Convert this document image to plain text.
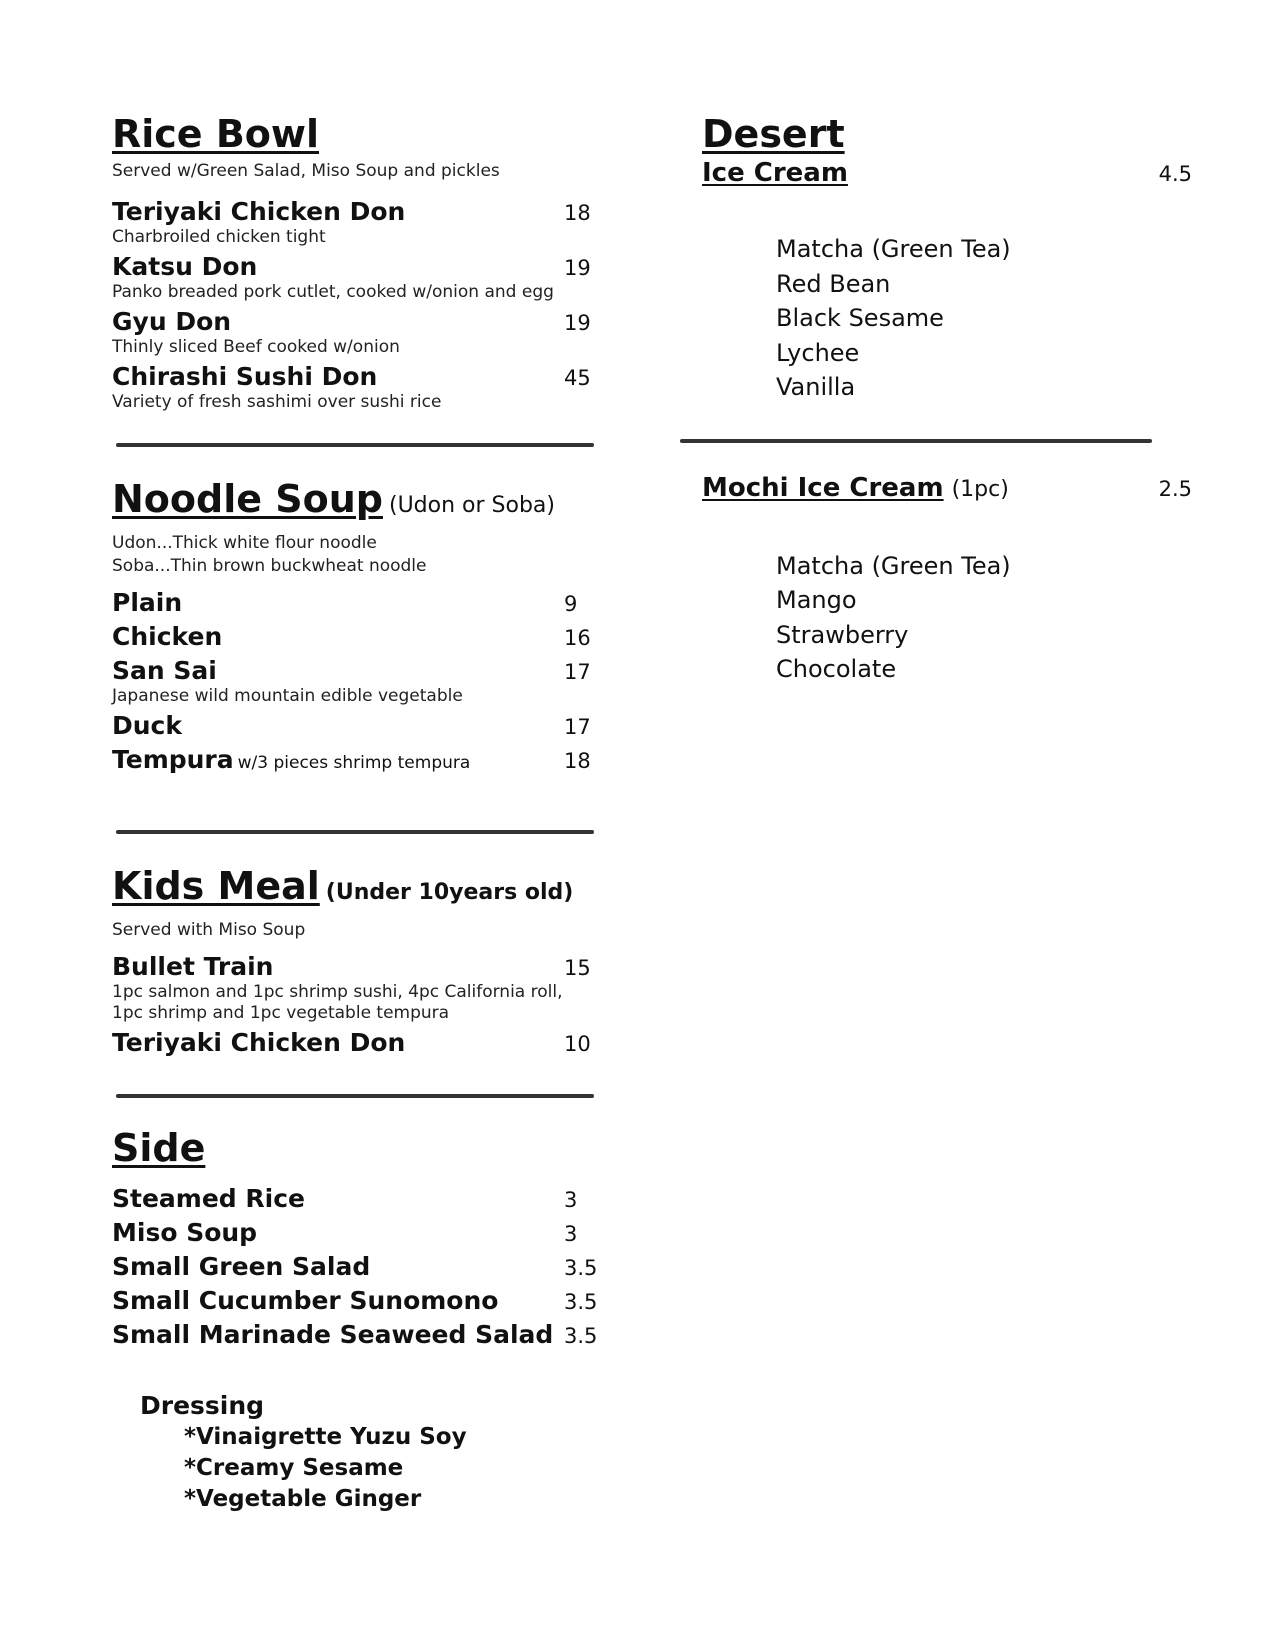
Rice Bowl
Served w/Green Salad, Miso Soup and pickles
Teriyaki Chicken Don	18
Charbroiled chicken tight
Katsu Don	19
Panko breaded pork cutlet, cooked w/onion and egg
Gyu Don	19
Thinly sliced Beef cooked w/onion
Chirashi Sushi Don	45
Variety of fresh sashimi over sushi rice
Noodle Soup (Udon or Soba)
Udon...Thick white flour noodle
Soba...Thin brown buckwheat noodle
Plain	9
Chicken	16
San Sai	17
Japanese wild mountain edible vegetable
Duck	17
Tempura w/3 pieces shrimp tempura	18
Kids Meal (Under 10years old)
Served with Miso Soup
Bullet Train	15
1pc salmon and 1pc shrimp sushi, 4pc California roll,
1pc shrimp and 1pc vegetable tempura
Teriyaki Chicken Don	10
Side
Steamed Rice	3
Miso Soup	3
Small Green Salad	3.5
Small Cucumber Sunomono	3.5
Small Marinade Seaweed Salad 3.5
Dressing
*Vinaigrette Yuzu Soy
*Creamy Sesame
*Vegetable Ginger
Desert
Ice Cream	4.5
Matcha (Green Tea)
Red Bean
Black Sesame
Lychee
Vanilla
Mochi Ice Cream (1pc)	2.5
Matcha (Green Tea)
Mango
Strawberry
Chocolate
